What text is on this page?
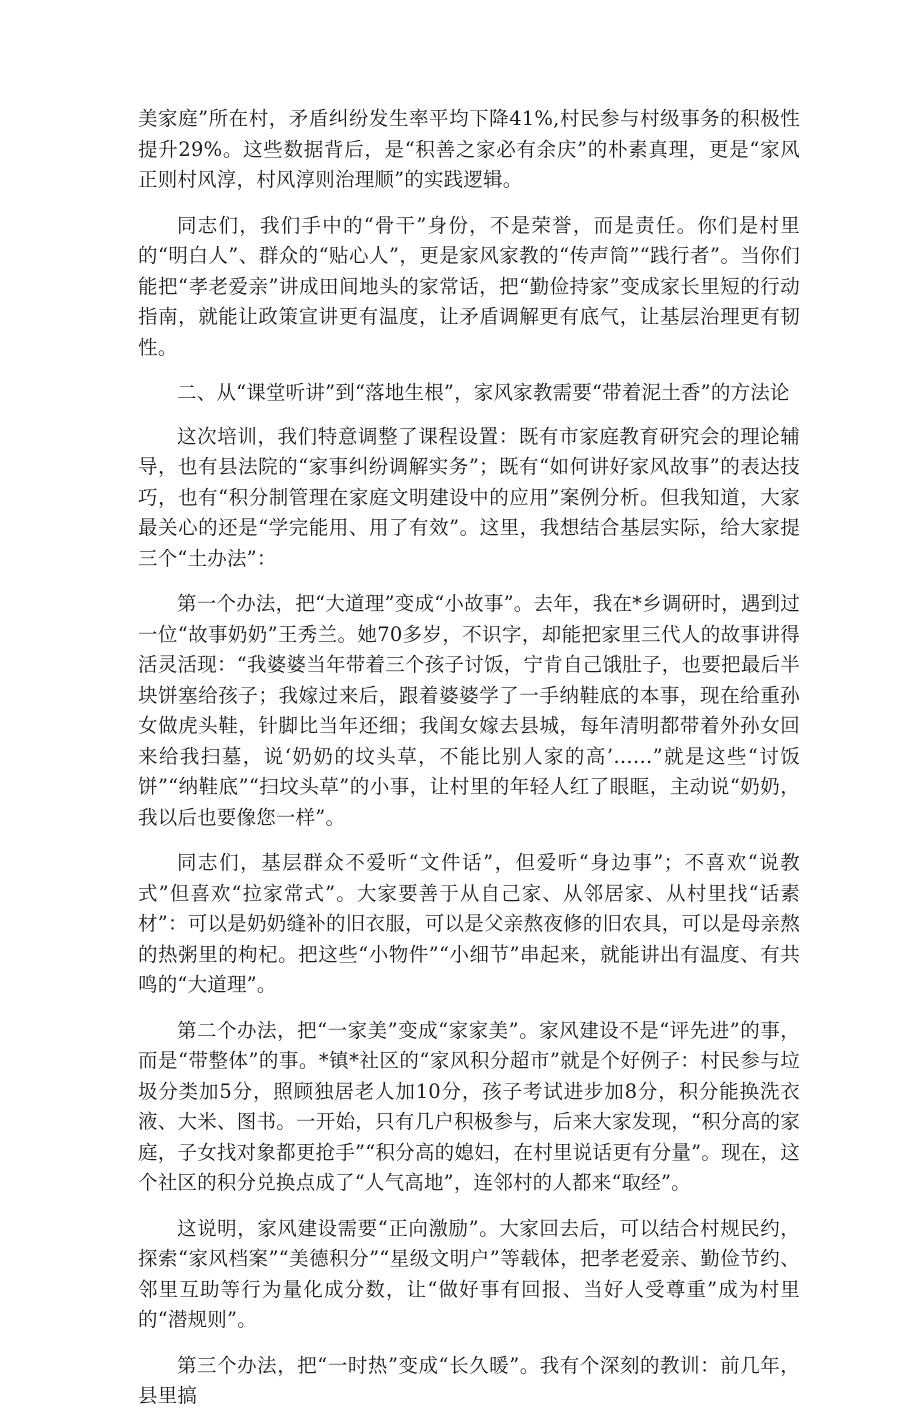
美家庭”所在村，矛盾纠纷发生率平均下降41%,村民参与村级事务的积极性提升29%。这些数据背后，是“积善之家必有余庆”的朴素真理，更是“家风正则村风淳，村风淳则治理顺”的实践逻辑。

同志们，我们手中的“骨干”身份，不是荣誉，而是责任。你们是村里的“明白人”、群众的“贴心人”，更是家风家教的“传声筒”“践行者”。当你们能把“孝老爱亲”讲成田间地头的家常话，把“勤俭持家”变成家长里短的行动指南，就能让政策宣讲更有温度，让矛盾调解更有底气，让基层治理更有韧性。

二、从“课堂听讲”到“落地生根”，家风家教需要“带着泥土香”的方法论

这次培训，我们特意调整了课程设置：既有市家庭教育研究会的理论辅导，也有县法院的“家事纠纷调解实务”；既有“如何讲好家风故事”的表达技巧，也有“积分制管理在家庭文明建设中的应用”案例分析。但我知道，大家最关心的还是“学完能用、用了有效”。这里，我想结合基层实际，给大家提三个“土办法”：

第一个办法，把“大道理”变成“小故事”。去年，我在*乡调研时，遇到过一位“故事奶奶”王秀兰。她70多岁，不识字，却能把家里三代人的故事讲得活灵活现：“我婆婆当年带着三个孩子讨饭，宁肯自己饿肚子，也要把最后半块饼塞给孩子；我嫁过来后，跟着婆婆学了一手纳鞋底的本事，现在给重孙女做虎头鞋，针脚比当年还细；我闺女嫁去县城，每年清明都带着外孙女回来给我扫墓，说‘奶奶的坟头草，不能比别人家的高’……”就是这些“讨饭饼”“纳鞋底”“扫坟头草”的小事，让村里的年轻人红了眼眶，主动说“奶奶，我以后也要像您一样”。

同志们，基层群众不爱听“文件话”，但爱听“身边事”；不喜欢“说教式”但喜欢“拉家常式”。大家要善于从自己家、从邻居家、从村里找“话素材”：可以是奶奶缝补的旧衣服，可以是父亲熬夜修的旧农具，可以是母亲熬的热粥里的枸杞。把这些“小物件”“小细节”串起来，就能讲出有温度、有共鸣的“大道理”。

第二个办法，把“一家美”变成“家家美”。家风建设不是“评先进”的事，而是“带整体”的事。*镇*社区的“家风积分超市”就是个好例子：村民参与垃圾分类加5分，照顾独居老人加10分，孩子考试进步加8分，积分能换洗衣液、大米、图书。一开始，只有几户积极参与，后来大家发现，“积分高的家庭，子女找对象都更抢手”“积分高的媳妇，在村里说话更有分量”。现在，这个社区的积分兑换点成了“人气高地”，连邻村的人都来“取经”。

这说明，家风建设需要“正向激励”。大家回去后，可以结合村规民约，探索“家风档案”“美德积分”“星级文明户”等载体，把孝老爱亲、勤俭节约、邻里互助等行为量化成分数，让“做好事有回报、当好人受尊重”成为村里的“潜规则”。

第三个办法，把“一时热”变成“长久暖”。我有个深刻的教训：前几年，县里搞
